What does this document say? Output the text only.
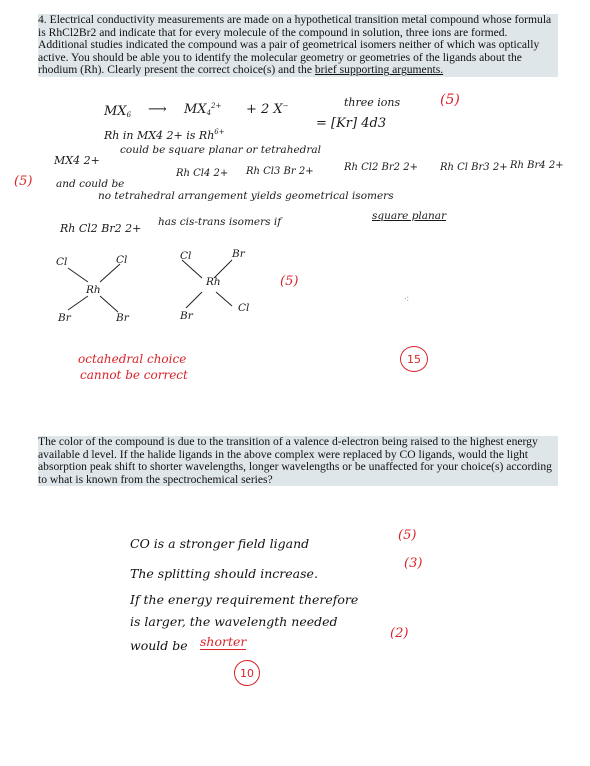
4. Electrical conductivity measurements are made on a hypothetical transition metal compound whose formula is RhCl2Br2 and indicate that for every molecule of the compound in solution, three ions are formed. Additional studies indicated the compound was a pair of geometrical isomers neither of which was optically active. You should be able you to identify the molecular geometry or geometries of the ligands about the rhodium (Rh). Clearly present the correct choice(s) and the brief supporting arguments.
$MX_6$ ⟶ $MX_4^{2+} + 2$ X−	three ions	(5)
Rh in MX4 2+ is $Rh^{6+}$
= [Kr] 4d3
MX4 2+
could be square planar or tetrahedral
(5) and could be
Rh Cl4 2+ Rh Cl3 Br 2+	Rh Cl2 Br2 2+ Rh Cl Br3 2+ Rh Br4 2+
no tetrahedral arrangement yields geometrical isomers
Rh Cl2 Br2 2+ has cis-trans isomers if	square planar
Cl	Cl
Rh
Br	Br
Cl	Br
Rh
Br
Cl
(5)
⁖
octahedral choice
cannot be correct
15
The color of the compound is due to the transition of a valence d-electron being raised to the highest energy available d level. If the halide ligands in the above complex were replaced by CO ligands, would the light absorption peak shift to shorter wavelengths, longer wavelengths or be unaffected for your choice(s) according to what is known from the spectrochemical series?
CO is a stronger field ligand
(5)
The splitting should increase.
(3)
If the energy requirement therefore
is larger, the wavelength needed
would be shorter
(2)
10
